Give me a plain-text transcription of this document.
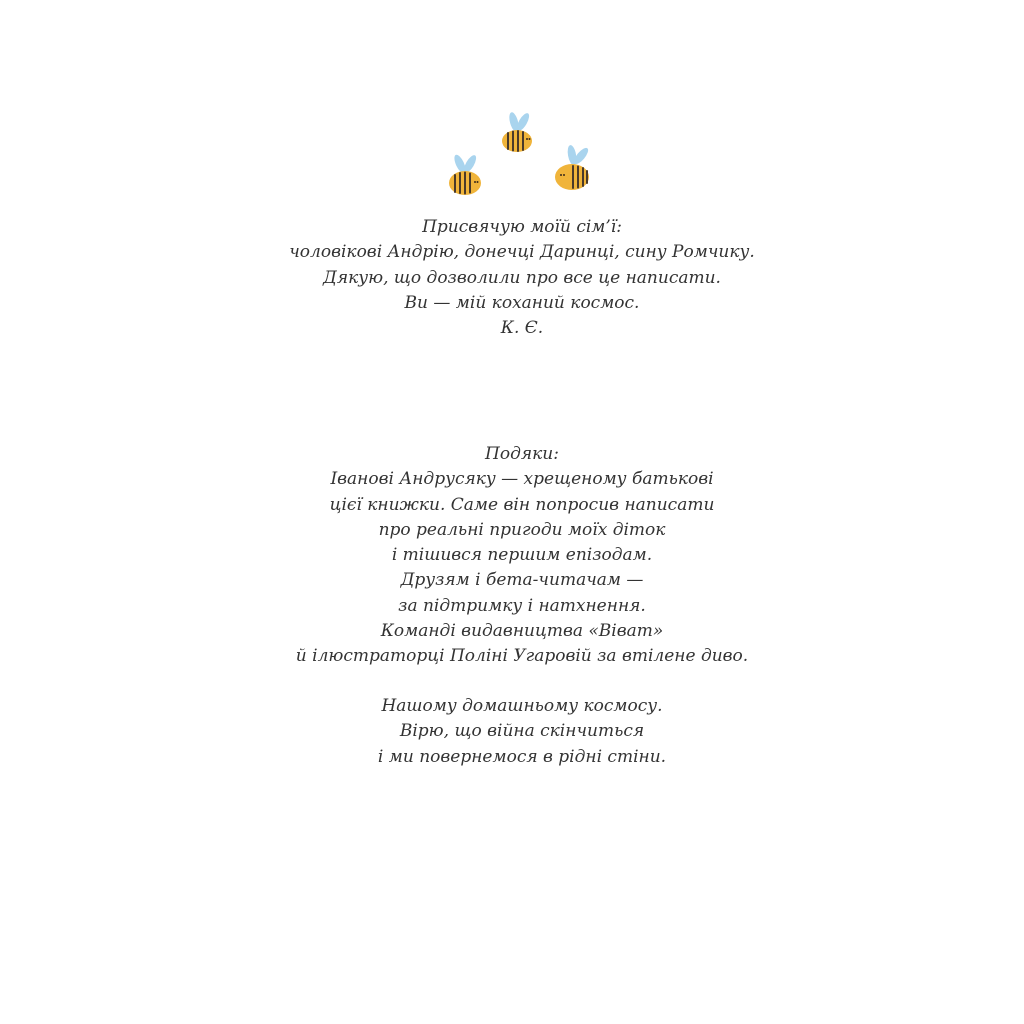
Присвячую моїй сім’ї:
чоловікові Андрію, донечці Даринці, сину Ромчику.
Дякую, що дозволили про все це написати.
Ви — мій коханий космос.
К. Є.
Подяки:
Іванові Андрусяку — хрещеному батькові
цієї книжки. Саме він попросив написати
про реальні пригоди моїх діток
і тішився першим епізодам.
Друзям і бета-читачам —
за підтримку і натхнення.
Команді видавництва «Віват»
й ілюстраторці Поліні Угаровій за втілене диво.
Нашому домашньому космосу.
Вірю, що війна скінчиться
і ми повернемося в рідні стіни.
